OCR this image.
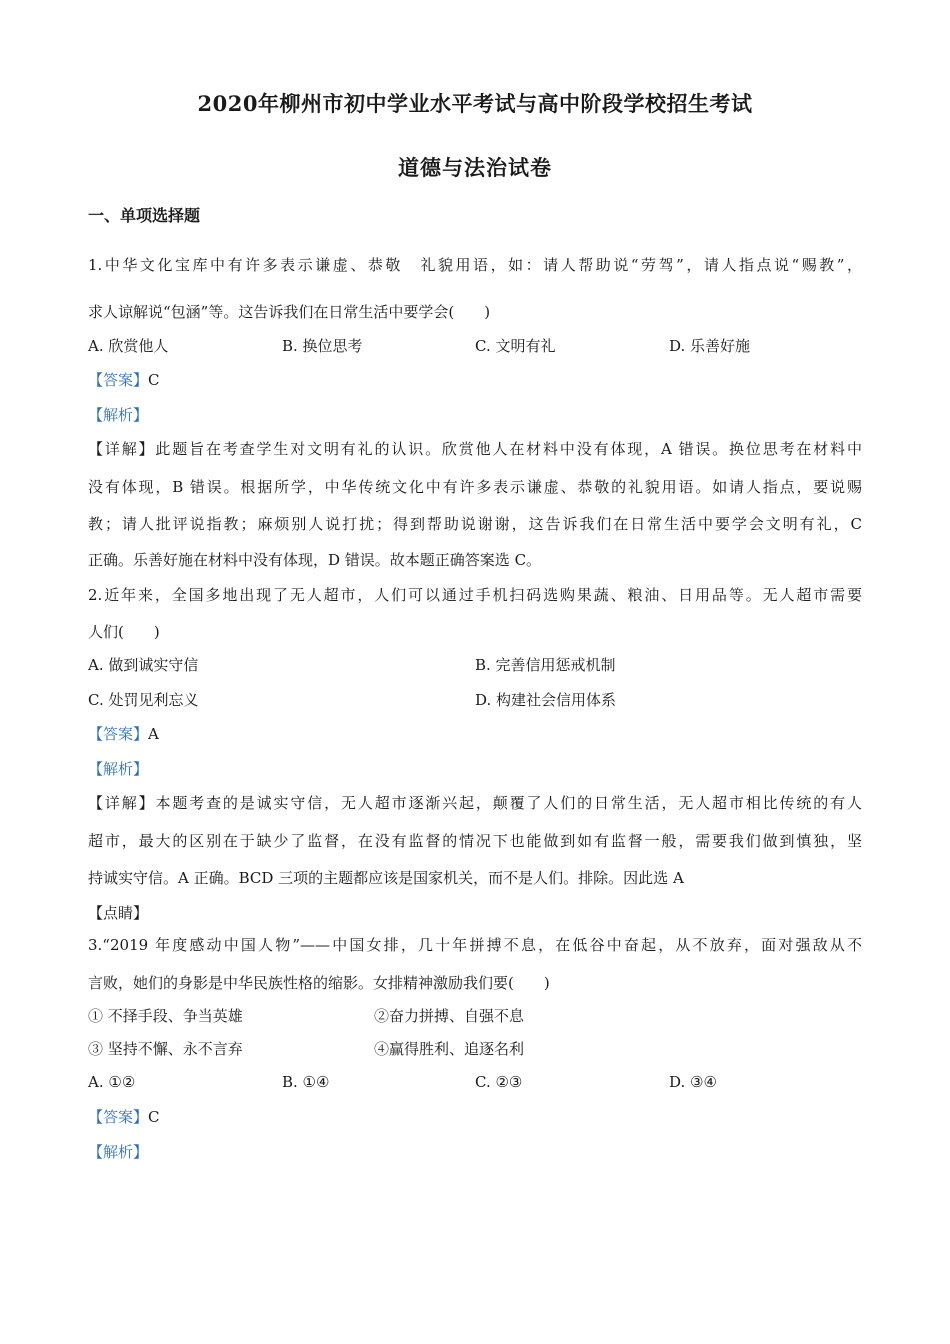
2020年柳州市初中学业水平考试与高中阶段学校招生考试
道德与法治试卷
一、单项选择题
1.中华文化宝库中有许多表示谦虚、恭敬　礼貌用语，如：请人帮助说“劳驾”，请人指点说“赐教”，
求人谅解说“包涵”等。这告诉我们在日常生活中要学会(　　)
A. 欣赏他人	B. 换位思考	C. 文明有礼	D. 乐善好施
【答案】C
【解析】
【详解】此题旨在考查学生对文明有礼的认识。欣赏他人在材料中没有体现，A 错误。换位思考在材料中
没有体现，B 错误。根据所学，中华传统文化中有许多表示谦虚、恭敬的礼貌用语。如请人指点，要说赐
教；请人批评说指教；麻烦别人说打扰；得到帮助说谢谢，这告诉我们在日常生活中要学会文明有礼，C
正确。乐善好施在材料中没有体现，D 错误。故本题正确答案选 C。
2.近年来，全国多地出现了无人超市，人们可以通过手机扫码选购果蔬、粮油、日用品等。无人超市需要
人们(　　)
A. 做到诚实守信	B. 完善信用惩戒机制
C. 处罚见利忘义	D. 构建社会信用体系
【答案】A
【解析】
【详解】本题考查的是诚实守信，无人超市逐渐兴起，颠覆了人们的日常生活，无人超市相比传统的有人
超市，最大的区别在于缺少了监督，在没有监督的情况下也能做到如有监督一般，需要我们做到慎独，坚
持诚实守信。A 正确。BCD 三项的主题都应该是国家机关，而不是人们。排除。因此选 A
【点睛】
3.“2019 年度感动中国人物”——中国女排，几十年拼搏不息，在低谷中奋起，从不放弃，面对强敌从不
言败，她们的身影是中华民族性格的缩影。女排精神激励我们要(　　)
① 不择手段、争当英雄	②奋力拼搏、自强不息
③ 坚持不懈、永不言弃	④赢得胜利、追逐名利
A. ①②	B. ①④	C. ②③	D. ③④
【答案】C
【解析】
